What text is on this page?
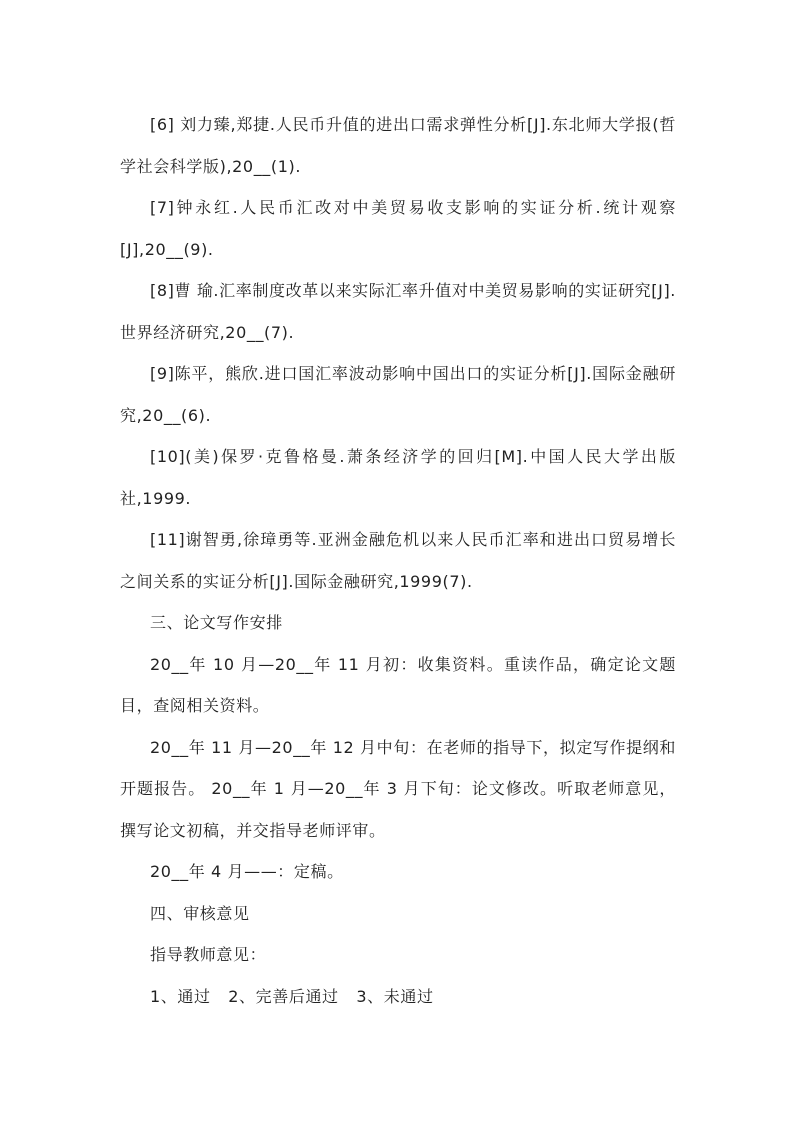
[6] 刘力臻,郑捷.人民币升值的进出口需求弹性分析[J].东北师大学报(哲学社会科学版),20__(1).

[7]钟永红.人民币汇改对中美贸易收支影响的实证分析.统计观察[J],20__(9).

[8]曹 瑜.汇率制度改革以来实际汇率升值对中美贸易影响的实证研究[J].世界经济研究,20__(7).

[9]陈平，熊欣.进口国汇率波动影响中国出口的实证分析[J].国际金融研究,20__(6).

[10](美)保罗·克鲁格曼.萧条经济学的回归[M].中国人民大学出版社,1999.

[11]谢智勇,徐璋勇等.亚洲金融危机以来人民币汇率和进出口贸易增长之间关系的实证分析[J].国际金融研究,1999(7).

三、论文写作安排

20__年 10 月—20__年 11 月初：收集资料。重读作品，确定论文题目，查阅相关资料。

20__年 11 月—20__年 12 月中旬：在老师的指导下，拟定写作提纲和开题报告。 20__年 1 月—20__年 3 月下旬：论文修改。听取老师意见，撰写论文初稿，并交指导老师评审。

20__年 4 月——：定稿。

四、审核意见

指导教师意见：

1、通过 2、完善后通过 3、未通过
